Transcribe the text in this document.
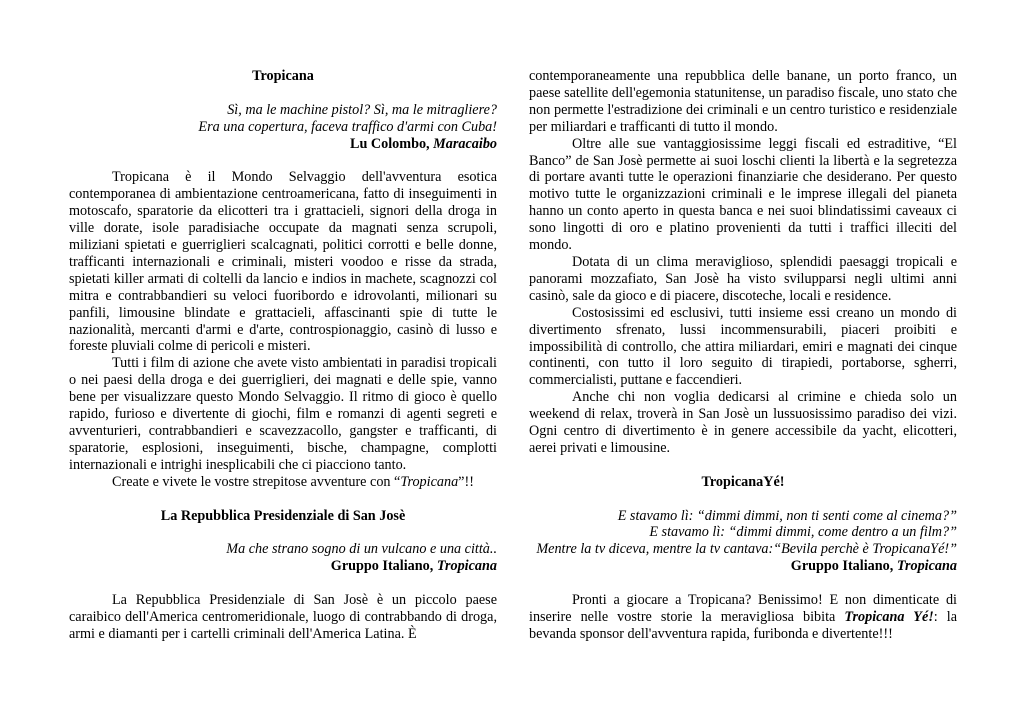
Tropicana

Sì, ma le machine pistol? Sì, ma le mitragliere?
Era una copertura, faceva traffico d'armi con Cuba!
Lu Colombo, Maracaibo

Tropicana è il Mondo Selvaggio dell'avventura esotica contemporanea di ambientazione centroamericana, fatto di inseguimenti in motoscafo, sparatorie da elicotteri tra i grattacieli, signori della droga in ville dorate, isole paradisiache occupate da magnati senza scrupoli, miliziani spietati e guerriglieri scalcagnati, politici corrotti e belle donne, trafficanti internazionali e criminali, misteri voodoo e risse da strada, spietati killer armati di coltelli da lancio e indios in machete, scagnozzi col mitra e contrabbandieri su veloci fuoribordo e idrovolanti, milionari su panfili, limousine blindate e grattacieli, affascinanti spie di tutte le nazionalità, mercanti d'armi e d'arte, controspionaggio, casinò di lusso e foreste pluviali colme di pericoli e misteri.

Tutti i film di azione che avete visto ambientati in paradisi tropicali o nei paesi della droga e dei guerriglieri, dei magnati e delle spie, vanno bene per visualizzare questo Mondo Selvaggio. Il ritmo di gioco è quello rapido, furioso e divertente di giochi, film e romanzi di agenti segreti e avventurieri, contrabbandieri e scavezzacollo, gangster e trafficanti, di sparatorie, esplosioni, inseguimenti, bische, champagne, complotti internazionali e intrighi inesplicabili che ci piacciono tanto.

Create e vivete le vostre strepitose avventure con “Tropicana”!!

La Repubblica Presidenziale di San Josè

Ma che strano sogno di un vulcano e una città..
Gruppo Italiano, Tropicana

La Repubblica Presidenziale di San Josè è un piccolo paese caraibico dell'America centromeridionale, luogo di contrabbando di droga, armi e diamanti per i cartelli criminali dell'America Latina. È

contemporaneamente una repubblica delle banane, un porto franco, un paese satellite dell'egemonia statunitense, un paradiso fiscale, uno stato che non permette l'estradizione dei criminali e un centro turistico e residenziale per miliardari e trafficanti di tutto il mondo.

Oltre alle sue vantaggiosissime leggi fiscali ed estraditive, “El Banco” de San Josè permette ai suoi loschi clienti la libertà e la segretezza di portare avanti tutte le operazioni finanziarie che desiderano. Per questo motivo tutte le organizzazioni criminali e le imprese illegali del pianeta hanno un conto aperto in questa banca e nei suoi blindatissimi caveaux ci sono lingotti di oro e platino provenienti da tutti i traffici illeciti del mondo.

Dotata di un clima meraviglioso, splendidi paesaggi tropicali e panorami mozzafiato, San Josè ha visto svilupparsi negli ultimi anni casinò, sale da gioco e di piacere, discoteche, locali e residence.

Costosissimi ed esclusivi, tutti insieme essi creano un mondo di divertimento sfrenato, lussi incommensurabili, piaceri proibiti e impossibilità di controllo, che attira miliardari, emiri e magnati dei cinque continenti, con tutto il loro seguito di tirapiedi, portaborse, sgherri, commercialisti, puttane e faccendieri.

Anche chi non voglia dedicarsi al crimine e chieda solo un weekend di relax, troverà in San Josè un lussuosissimo paradiso dei vizi. Ogni centro di divertimento è in genere accessibile da yacht, elicotteri, aerei privati e limousine.

TropicanaYé!

E stavamo lì: “dimmi dimmi, non ti senti come al cinema?”
E stavamo lì: “dimmi dimmi, come dentro a un film?”
Mentre la tv diceva, mentre la tv cantava:“Bevila perchè è TropicanaYé!”
Gruppo Italiano, Tropicana

Pronti a giocare a Tropicana? Benissimo! E non dimenticate di inserire nelle vostre storie la meravigliosa bibita Tropicana Yé!: la bevanda sponsor dell'avventura rapida, furibonda e divertente!!!
